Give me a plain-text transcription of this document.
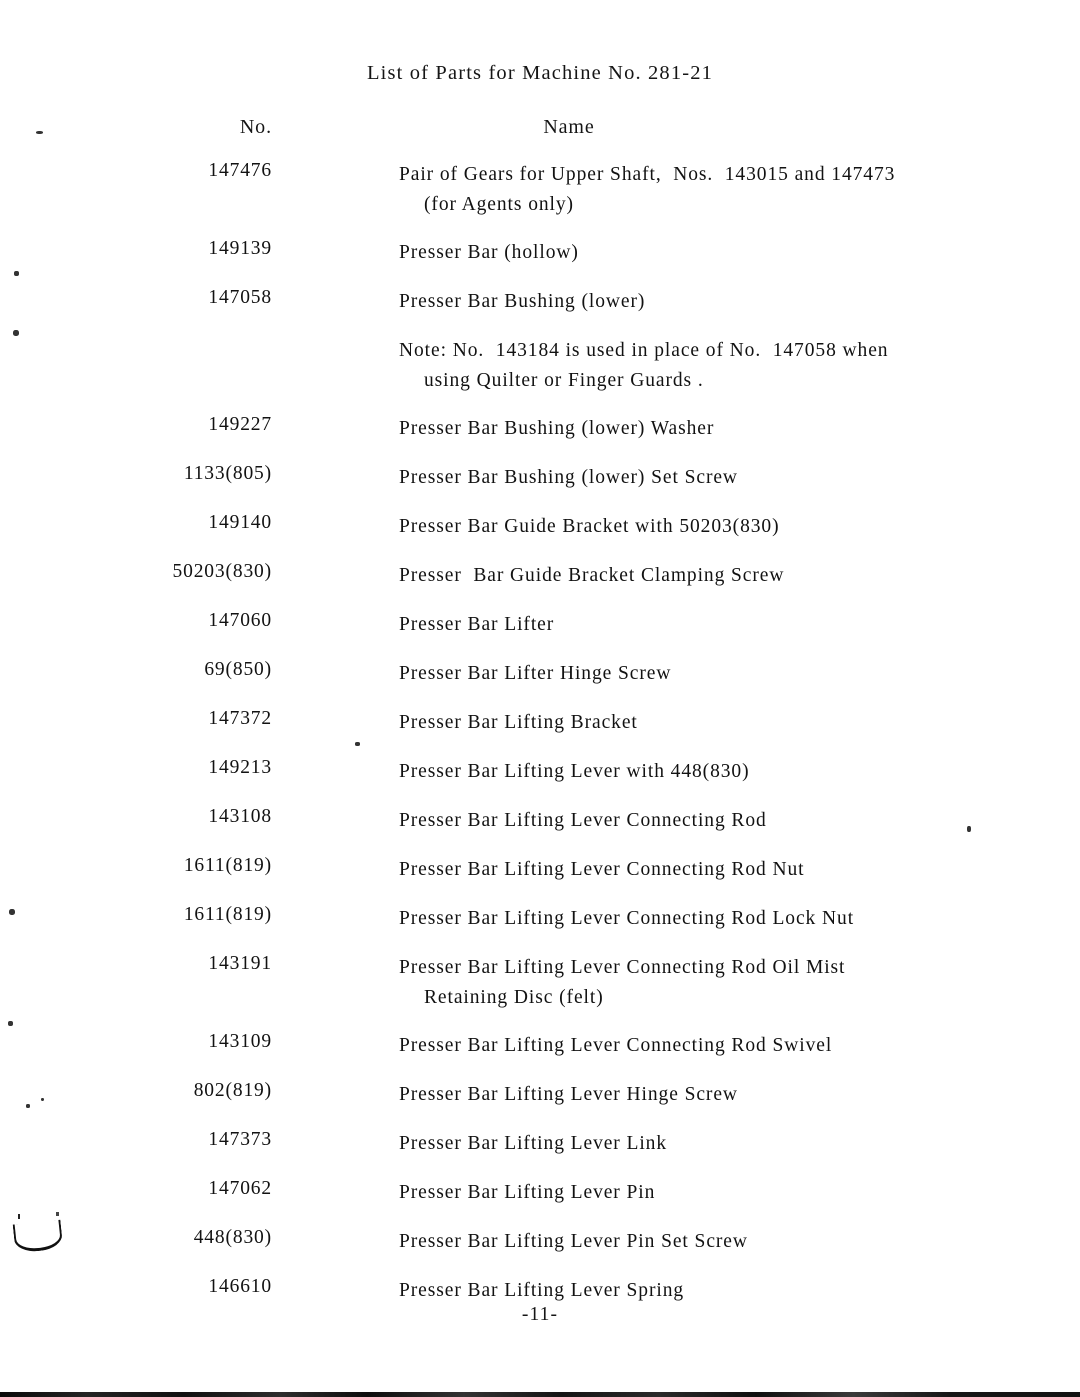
List of Parts for Machine No. 281-21
No.	Name
147476	Pair of Gears for Upper Shaft,  Nos.  143015 and 147473
(for Agents only)
149139	Presser Bar (hollow)
147058	Presser Bar Bushing (lower)
Note: No.  143184 is used in place of No.  147058 when
using Quilter or Finger Guards .
149227	Presser Bar Bushing (lower) Washer
1133(805)	Presser Bar Bushing (lower) Set Screw
149140	Presser Bar Guide Bracket with 50203(830)
50203(830)	Presser  Bar Guide Bracket Clamping Screw
147060	Presser Bar Lifter
69(850)	Presser Bar Lifter Hinge Screw
147372	Presser Bar Lifting Bracket
149213	Presser Bar Lifting Lever with 448(830)
143108	Presser Bar Lifting Lever Connecting Rod
1611(819)	Presser Bar Lifting Lever Connecting Rod Nut
1611(819)	Presser Bar Lifting Lever Connecting Rod Lock Nut
143191	Presser Bar Lifting Lever Connecting Rod Oil Mist
Retaining Disc (felt)
143109	Presser Bar Lifting Lever Connecting Rod Swivel
802(819)	Presser Bar Lifting Lever Hinge Screw
147373	Presser Bar Lifting Lever Link
147062	Presser Bar Lifting Lever Pin
448(830)	Presser Bar Lifting Lever Pin Set Screw
146610	Presser Bar Lifting Lever Spring
-11-
